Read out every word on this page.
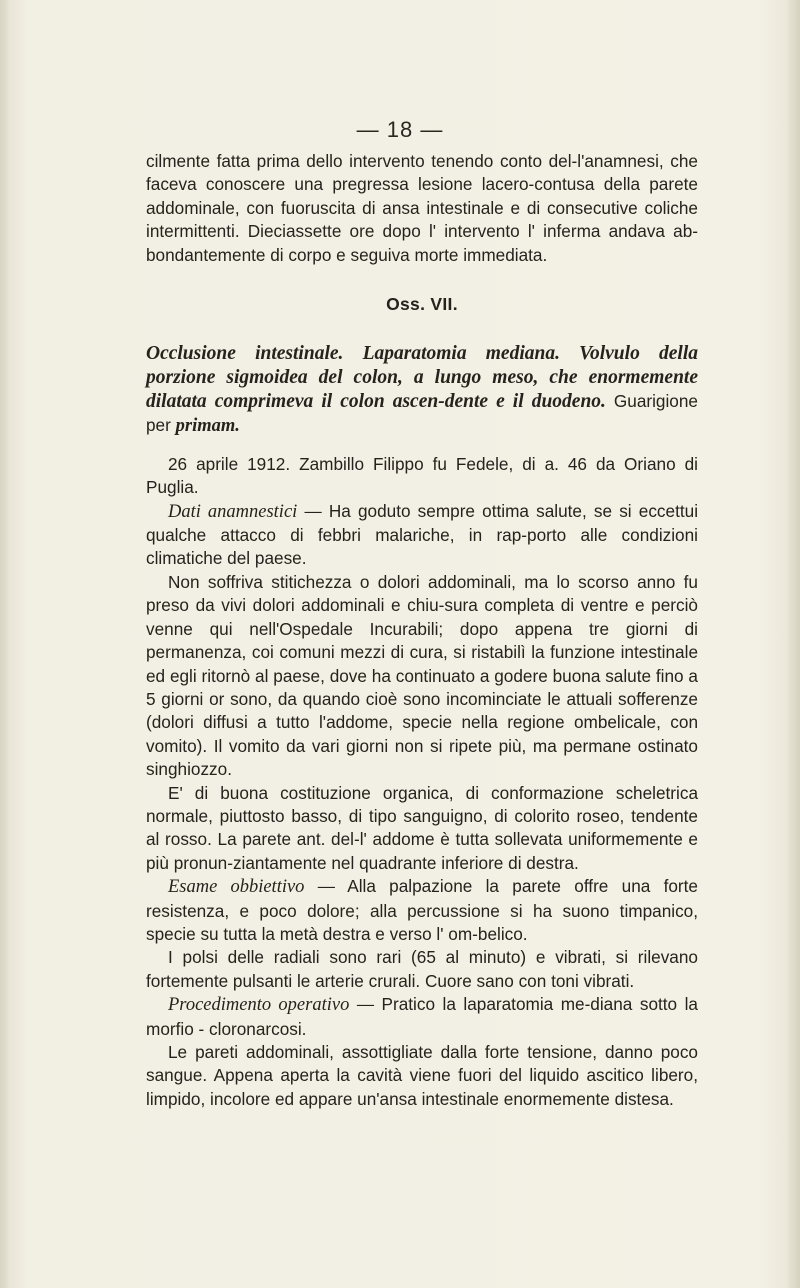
— 18 —

cilmente fatta prima dello intervento tenendo conto del-l'anamnesi, che faceva conoscere una pregressa lesione lacero-contusa della parete addominale, con fuoruscita di ansa intestinale e di consecutive coliche intermittenti. Dieciassette ore dopo l' intervento l' inferma andava ab-bondantemente di corpo e seguiva morte immediata.

Oss. VII.

Occlusione intestinale. Laparatomia mediana. Volvulo della porzione sigmoidea del colon, a lungo meso, che enormemente dilatata comprimeva il colon ascen-dente e il duodeno. Guarigione per primam.

26 aprile 1912. Zambillo Filippo fu Fedele, di a. 46 da Oriano di Puglia.

Dati anamnestici — Ha goduto sempre ottima salute, se si eccettui qualche attacco di febbri malariche, in rap-porto alle condizioni climatiche del paese.

Non soffriva stitichezza o dolori addominali, ma lo scorso anno fu preso da vivi dolori addominali e chiu-sura completa di ventre e perciò venne qui nell'Ospedale Incurabili; dopo appena tre giorni di permanenza, coi comuni mezzi di cura, si ristabilì la funzione intestinale ed egli ritornò al paese, dove ha continuato a godere buona salute fino a 5 giorni or sono, da quando cioè sono incominciate le attuali sofferenze (dolori diffusi a tutto l'addome, specie nella regione ombelicale, con vomito). Il vomito da vari giorni non si ripete più, ma permane ostinato singhiozzo.

E' di buona costituzione organica, di conformazione scheletrica normale, piuttosto basso, di tipo sanguigno, di colorito roseo, tendente al rosso. La parete ant. del-l' addome è tutta sollevata uniformemente e più pronun-ziantamente nel quadrante inferiore di destra.

Esame obbiettivo — Alla palpazione la parete offre una forte resistenza, e poco dolore; alla percussione si ha suono timpanico, specie su tutta la metà destra e verso l' om-belico.

I polsi delle radiali sono rari (65 al minuto) e vibrati, si rilevano fortemente pulsanti le arterie crurali. Cuore sano con toni vibrati.

Procedimento operativo — Pratico la laparatomia me-diana sotto la morfio - cloronarcosi.

Le pareti addominali, assottigliate dalla forte tensione, danno poco sangue. Appena aperta la cavità viene fuori del liquido ascitico libero, limpido, incolore ed appare un'ansa intestinale enormemente distesa.
